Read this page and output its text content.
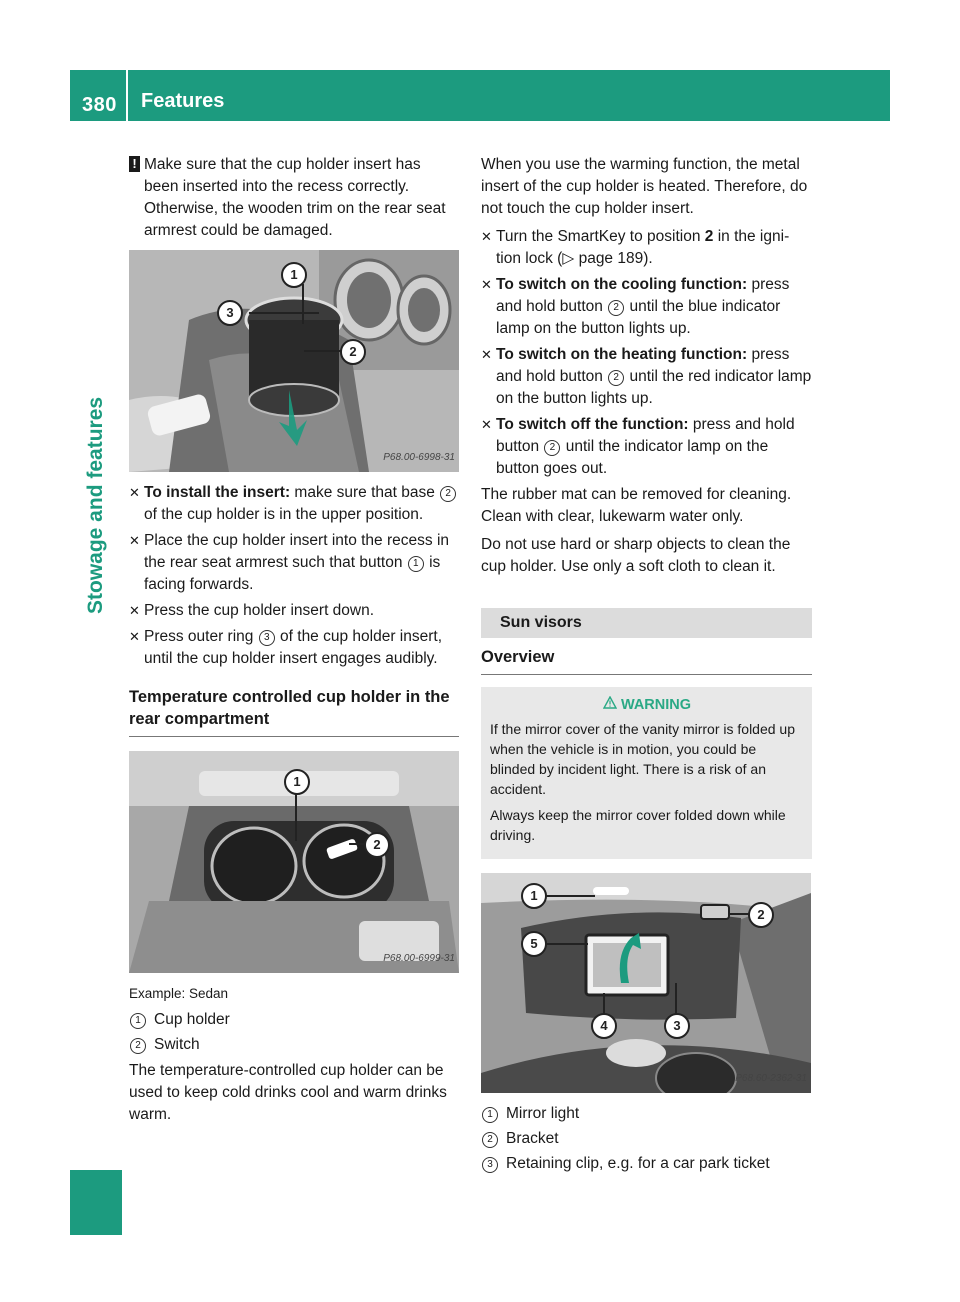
380 Features
Stowage and features

! Make sure that the cup holder insert has been inserted into the recess correctly. Otherwise, the wooden trim on the rear seat armrest could be damaged.

1
3
2
P68.00-6998-31
✕ To install the insert: make sure that base 2 of the cup holder is in the upper position.
✕ Place the cup holder insert into the recess in the rear seat armrest such that button 1 is facing forwards.
✕ Press the cup holder insert down.
✕ Press outer ring 3 of the cup holder insert, until the cup holder insert engages audibly.
Temperature controlled cup holder in the rear compartment
1
2
P68.00-6999-31
Example: Sedan
1 Cup holder
2 Switch

The temperature-controlled cup holder can be used to keep cold drinks cool and warm drinks warm.

When you use the warming function, the metal insert of the cup holder is heated. Therefore, do not touch the cup holder insert.

✕ Turn the SmartKey to position 2 in the igni-tion lock (▷ page 189).
✕ To switch on the cooling function: press and hold button 2 until the blue indicator lamp on the button lights up.
✕ To switch on the heating function: press and hold button 2 until the red indicator lamp on the button lights up.
✕ To switch off the function: press and hold button 2 until the indicator lamp on the button goes out.

The rubber mat can be removed for cleaning. Clean with clear, lukewarm water only.

Do not use hard or sharp objects to clean the cup holder. Use only a soft cloth to clean it.

Sun visors
Overview
WARNING

If the mirror cover of the vanity mirror is folded up when the vehicle is in motion, you could be blinded by incident light. There is a risk of an accident.

Always keep the mirror cover folded down while driving.

1
2
5
4	3
P68.60-2362-31
1 Mirror light
2 Bracket
3 Retaining clip, e.g. for a car park ticket
